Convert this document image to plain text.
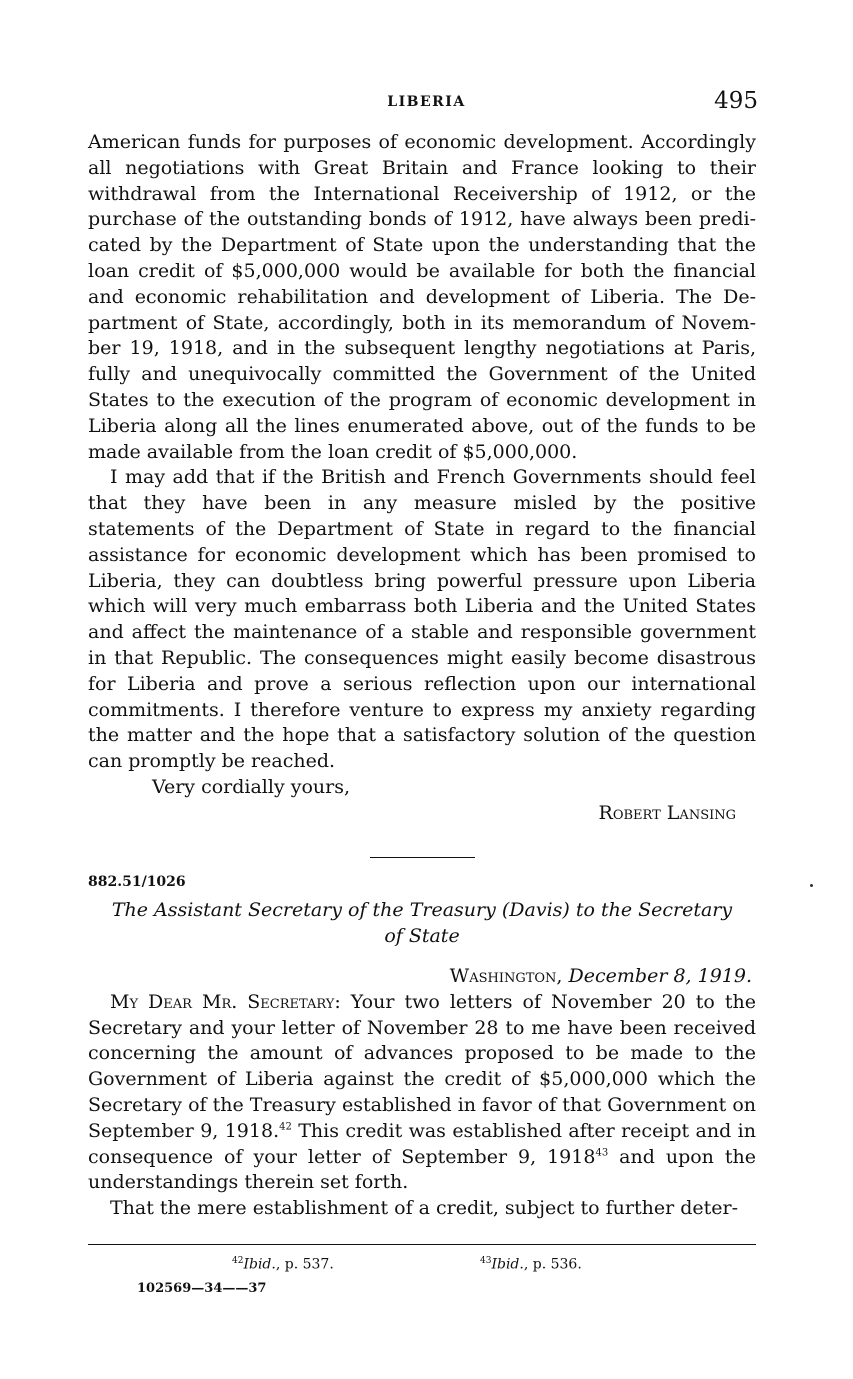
LIBERIA	495

American funds for purposes of economic development. Accordingly all negotiations with Great Britain and France looking to their withdrawal from the International Receivership of 1912, or the purchase of the outstanding bonds of 1912, have always been predicated by the Department of State upon the understanding that the loan credit of $5,000,000 would be available for both the financial and economic rehabilitation and development of Liberia. The Department of State, accordingly, both in its memorandum of November 19, 1918, and in the subsequent lengthy negotiations at Paris, fully and unequivocally committed the Government of the United States to the execution of the program of economic development in Liberia along all the lines enumerated above, out of the funds to be made available from the loan credit of $5,000,000.

I may add that if the British and French Governments should feel that they have been in any measure misled by the positive statements of the Department of State in regard to the financial assistance for economic development which has been promised to Liberia, they can doubtless bring powerful pressure upon Liberia which will very much embarrass both Liberia and the United States and affect the maintenance of a stable and responsible government in that Republic. The consequences might easily become disastrous for Liberia and prove a serious reflection upon our international commitments. I therefore venture to express my anxiety regarding the matter and the hope that a satisfactory solution of the question can promptly be reached.

Very cordially yours,

Robert Lansing

882.51/1026
The Assistant Secretary of the Treasury (Davis) to the Secretary
of State

Washington, December 8, 1919.

My Dear Mr. Secretary: Your two letters of November 20 to the Secretary and your letter of November 28 to me have been received concerning the amount of advances proposed to be made to the Government of Liberia against the credit of $5,000,000 which the Secretary of the Treasury established in favor of that Government on September 9, 1918.42 This credit was established after receipt and in consequence of your letter of September 9, 1918$^{43}$ and upon the understandings therein set forth.

That the mere establishment of a credit, subject to further deter-

$^{42}$Ibid., p. 537.	$^{43}$Ibid., p. 536.
102569—34——37
